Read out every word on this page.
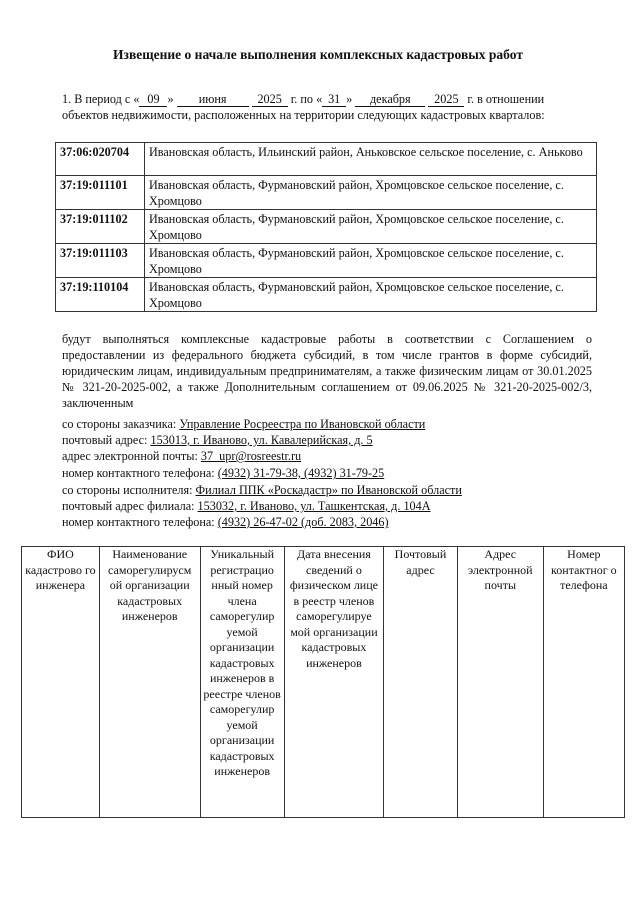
Извещение о начале выполнения комплексных кадастровых работ
1. В период с « 09 » июня	2025 г. по « 31 » декабря 2025 г. в отношении
объектов недвижимости, расположенных на территории следующих кадастровых кварталов:
37:06:020704	Ивановская область, Ильинский район, Аньковское сельское поселение, с. Аньково
37:19:011101	Ивановская область, Фурмановский район, Хромцовское сельское поселение, с. Хромцово
37:19:011102	Ивановская область, Фурмановский район, Хромцовское сельское поселение, с. Хромцово
37:19:011103	Ивановская область, Фурмановский район, Хромцовское сельское поселение, с. Хромцово
37:19:110104	Ивановская область, Фурмановский район, Хромцовское сельское поселение, с. Хромцово
будут выполняться комплексные кадастровые работы в соответствии с Соглашением о предоставлении из федерального бюджета субсидий, в том числе грантов в форме субсидий, юридическим лицам, индивидуальным предпринимателям, а также физическим лицам от 30.01.2025 № 321-20-2025-002, а также Дополнительным соглашением от 09.06.2025 № 321-20-2025-002/3, заключенным
со стороны заказчика: Управление Росреестра по Ивановской области
почтовый адрес: 153013, г. Иваново, ул. Кавалерийская, д. 5
адрес электронной почты: 37_upr@rosreestr.ru
номер контактного телефона: (4932) 31-79-38, (4932) 31-79-25
со стороны исполнителя: Филиал ППК «Роскадастр» по Ивановской области
почтовый адрес филиала: 153032, г. Иваново, ул. Ташкентская, д. 104А
номер контактного телефона: (4932) 26-47-02 (доб. 2083, 2046)
ФИО кадастрово го инженера	Наименование саморегулирусм ой организации кадастровых инженеров	Уникальный регистрацио нный номер члена саморегулир уемой организации кадастровых инженеров в реестре членов саморегулир уемой организации кадастровых инженеров	Дата внесения сведений о физическом лице в реестр членов саморегулируе мой организации кадастровых инженеров	Почтовый адрес	Адрес электронной почты	Номер контактног о телефона
